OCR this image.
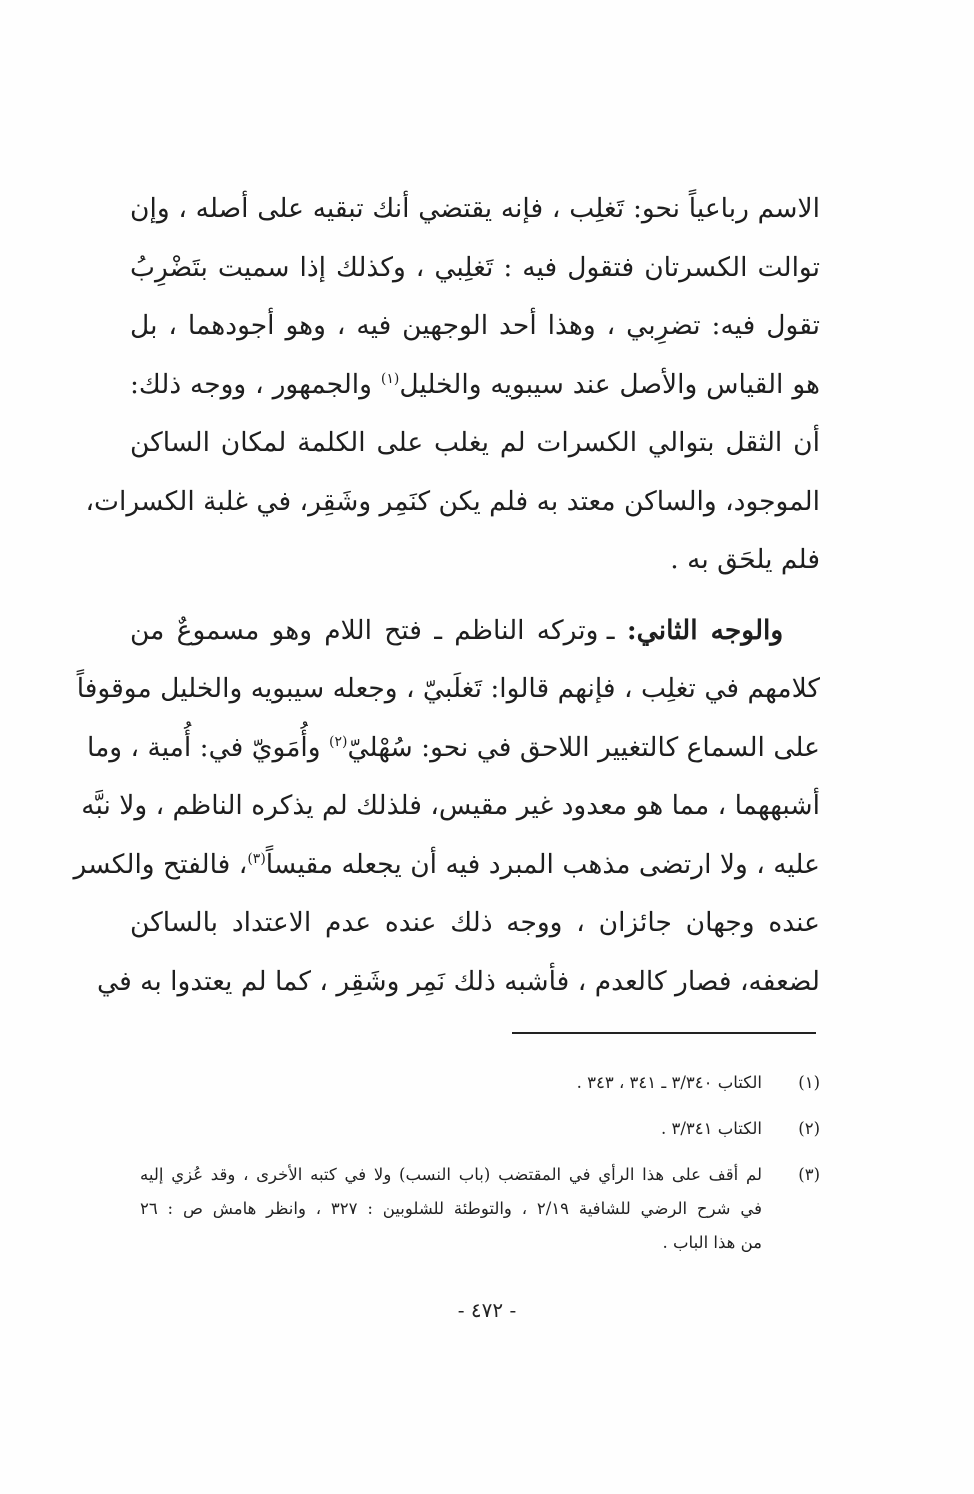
الاسم رباعياً نحو: تَغلِب ، فإنه يقتضي أنك تبقيه على أصله ، وإن

توالت الكسرتان فتقول فيه : تَغلِبي ، وكذلك إذا سميت بتَضْرِبُ

تقول فيه: تضرِبي ، وهذا أحد الوجهين فيه ، وهو أجودهما ، بل

هو القياس والأصل عند سيبويه والخليل$^{(١)}$ والجمهور ، ووجه ذلك:

أن الثقل بتوالي الكسرات لم يغلب على الكلمة لمكان الساكن

الموجود، والساكن معتد به فلم يكن كنَمِر وشَقِر، في غلبة الكسرات،

فلم يلحَق به .

والوجه الثاني: ـ وتركه الناظم ـ فتح اللام وهو مسموعٌ من

كلامهم في تغلِب ، فإنهم قالوا: تَغلَبيّ ، وجعله سيبويه والخليل موقوفاً

على السماع كالتغيير اللاحق في نحو: سُهْليّ$^{(٢)}$ وأُمَويّ في: أُمية ، وما

أشبههما ، مما هو معدود غير مقيس، فلذلك لم يذكره الناظم ، ولا نبَّه

عليه ، ولا ارتضى مذهب المبرد فيه أن يجعله مقيساً$^{(٣)}$، فالفتح والكسر

عنده وجهان جائزان ، ووجه ذلك عنده عدم الاعتداد بالساكن

لضعفه، فصار كالعدم ، فأشبه ذلك نَمِر وشَقِر ، كما لم يعتدوا به في

(١)
الكتاب ٣/٣٤٠ ـ ٣٤١ ، ٣٤٣ .
(٢)
الكتاب ٣/٣٤١ .
(٣)
لم أقف على هذا الرأي في المقتضب (باب النسب) ولا في كتبه الأخرى ، وقد عُزي إليه
في شرح الرضي للشافية ٢/١٩ ، والتوطئة للشلوبين : ٣٢٧ ، وانظر هامش ص : ٢٦
من هذا الباب .
- ٤٧٢ -
